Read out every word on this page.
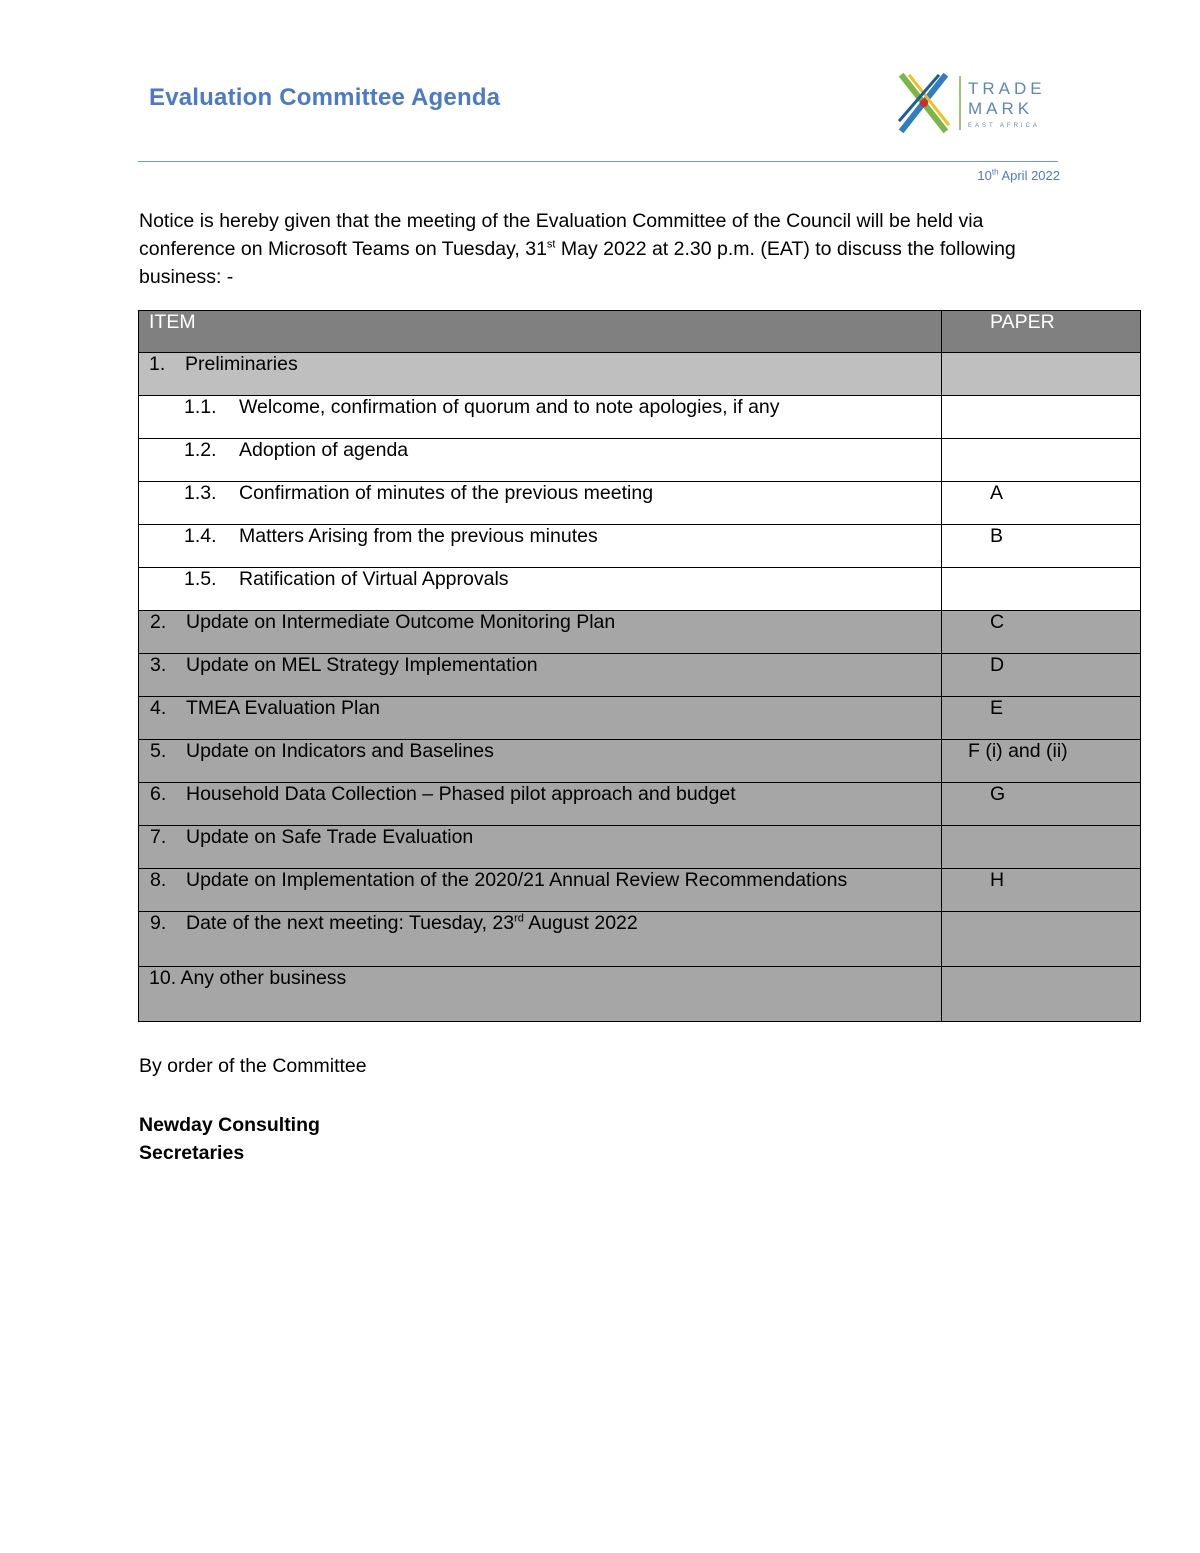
Evaluation Committee Agenda	TRADE
MARK
EAST AFRICA
10th April 2022
Notice is hereby given that the meeting of the Evaluation Committee of the Council will be held via conference on Microsoft Teams on Tuesday, 31st May 2022 at 2.30 p.m. (EAT) to discuss the following business: -
ITEM	PAPER
1. Preliminaries	
1.1. Welcome, confirmation of quorum and to note apologies, if any	
1.2. Adoption of agenda	
1.3. Confirmation of minutes of the previous meeting	A
1.4. Matters Arising from the previous minutes	B
1.5. Ratification of Virtual Approvals	
2. Update on Intermediate Outcome Monitoring Plan	C
3. Update on MEL Strategy Implementation	D
4. TMEA Evaluation Plan	E
5. Update on Indicators and Baselines	F (i) and (ii)
6. Household Data Collection – Phased pilot approach and budget	G
7. Update on Safe Trade Evaluation	
8. Update on Implementation of the 2020/21 Annual Review Recommendations	H
9. Date of the next meeting: Tuesday, 23rd August 2022	
10. Any other business	
By order of the Committee
Newday Consulting
Secretaries
